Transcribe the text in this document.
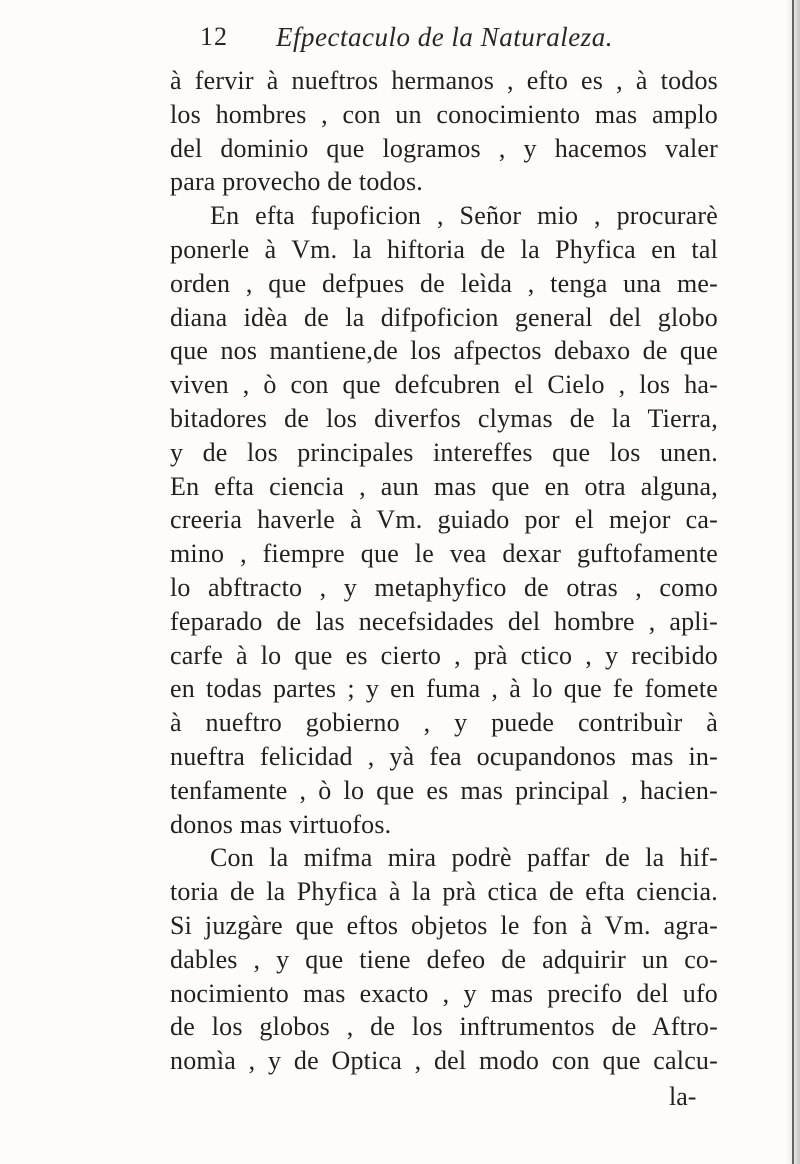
12 Efpectaculo de la Naturaleza.
à fervir à nueftros hermanos , efto es , à todos
los hombres , con un conocimiento mas amplo
del dominio que logramos , y hacemos valer
para provecho de todos.
En efta fupoficion , Señor mio , procurarè
ponerle à Vm. la hiftoria de la Phyfica en tal
orden , que defpues de leìda , tenga una me-
diana idèa de la difpoficion general del globo
que nos mantiene,de los afpectos debaxo de que
viven , ò con que defcubren el Cielo , los ha-
bitadores de los diverfos clymas de la Tierra,
y de los principales intereffes que los unen.
En efta ciencia , aun mas que en otra alguna,
creeria haverle à Vm. guiado por el mejor ca-
mino , fiempre que le vea dexar guftofamente
lo abftracto , y metaphyfico de otras , como
feparado de las necefsidades del hombre , apli-
carfe à lo que es cierto , prà ctico , y recibido
en todas partes ; y en fuma , à lo que fe fomete
à nueftro gobierno , y puede contribuìr à
nueftra felicidad , yà fea ocupandonos mas in-
tenfamente , ò lo que es mas principal , hacien-
donos mas virtuofos.
Con la mifma mira podrè paffar de la hif-
toria de la Phyfica à la prà ctica de efta ciencia.
Si juzgàre que eftos objetos le fon à Vm. agra-
dables , y que tiene defeo de adquirir un co-
nocimiento mas exacto , y mas precifo del ufo
de los globos , de los inftrumentos de Aftro-
nomìa , y de Optica , del modo con que calcu-
la-
